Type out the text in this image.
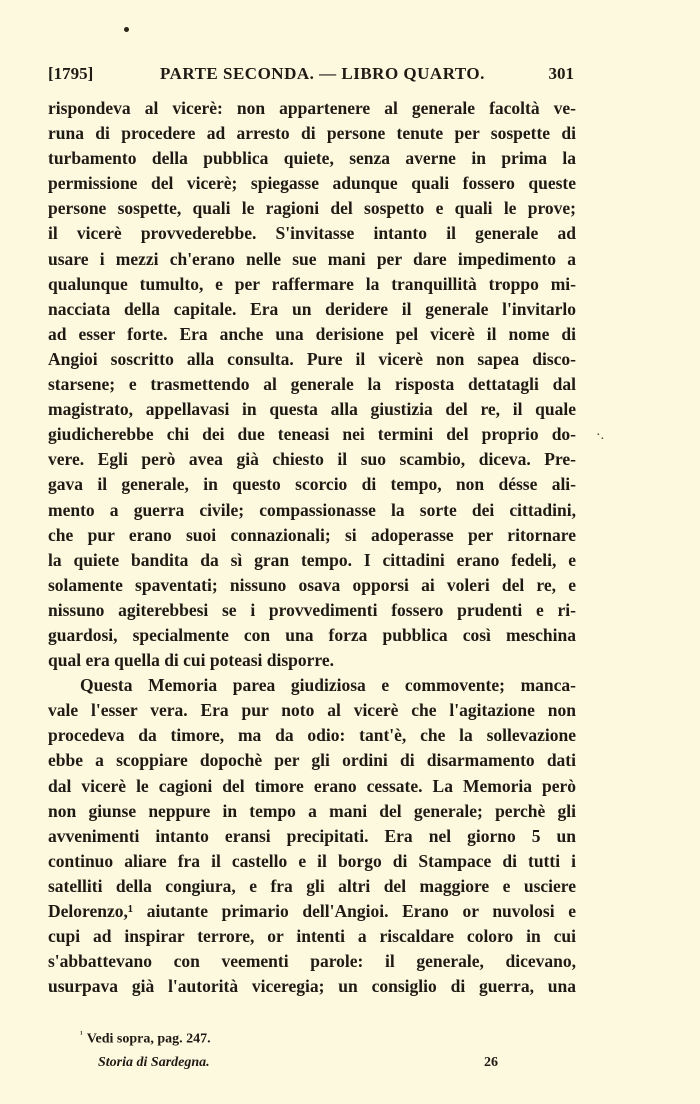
[1795]	PARTE SECONDA. — LIBRO QUARTO.	301
rispondeva al vicerè: non appartenere al generale facoltà ve-
runa di procedere ad arresto di persone tenute per sospette di
turbamento della pubblica quiete, senza averne in prima la
permissione del vicerè; spiegasse adunque quali fossero queste
persone sospette, quali le ragioni del sospetto e quali le prove;
il vicerè provvederebbe. S'invitasse intanto il generale ad
usare i mezzi ch'erano nelle sue mani per dare impedimento a
qualunque tumulto, e per raffermare la tranquillità troppo mi-
nacciata della capitale. Era un deridere il generale l'invitarlo
ad esser forte. Era anche una derisione pel vicerè il nome di
Angioi soscritto alla consulta. Pure il vicerè non sapea disco-
starsene; e trasmettendo al generale la risposta dettatagli dal
magistrato, appellavasi in questa alla giustizia del re, il quale
giudicherebbe chi dei due teneasi nei termini del proprio do-
vere. Egli però avea già chiesto il suo scambio, diceva. Pre-
gava il generale, in questo scorcio di tempo, non désse ali-
mento a guerra civile; compassionasse la sorte dei cittadini,
che pur erano suoi connazionali; si adoperasse per ritornare
la quiete bandita da sì gran tempo. I cittadini erano fedeli, e
solamente spaventati; nissuno osava opporsi ai voleri del re, e
nissuno agiterebbesi se i provvedimenti fossero prudenti e ri-
guardosi, specialmente con una forza pubblica così meschina
qual era quella di cui poteasi disporre.
Questa Memoria parea giudiziosa e commovente; manca-
vale l'esser vera. Era pur noto al vicerè che l'agitazione non
procedeva da timore, ma da odio: tant'è, che la sollevazione
ebbe a scoppiare dopochè per gli ordini di disarmamento dati
dal vicerè le cagioni del timore erano cessate. La Memoria però
non giunse neppure in tempo a mani del generale; perchè gli
avvenimenti intanto eransi precipitati. Era nel giorno 5 un
continuo aliare fra il castello e il borgo di Stampace di tutti i
satelliti della congiura, e fra gli altri del maggiore e usciere
Delorenzo,¹ aiutante primario dell'Angioi. Erano or nuvolosi e
cupi ad inspirar terrore, or intenti a riscaldare coloro in cui
s'abbattevano con veementi parole: il generale, dicevano,
usurpava già l'autorità viceregia; un consiglio di guerra, una
·.
$^{^1}$ Vedi sopra, pag. 247.
Storia di Sardegna.	26
